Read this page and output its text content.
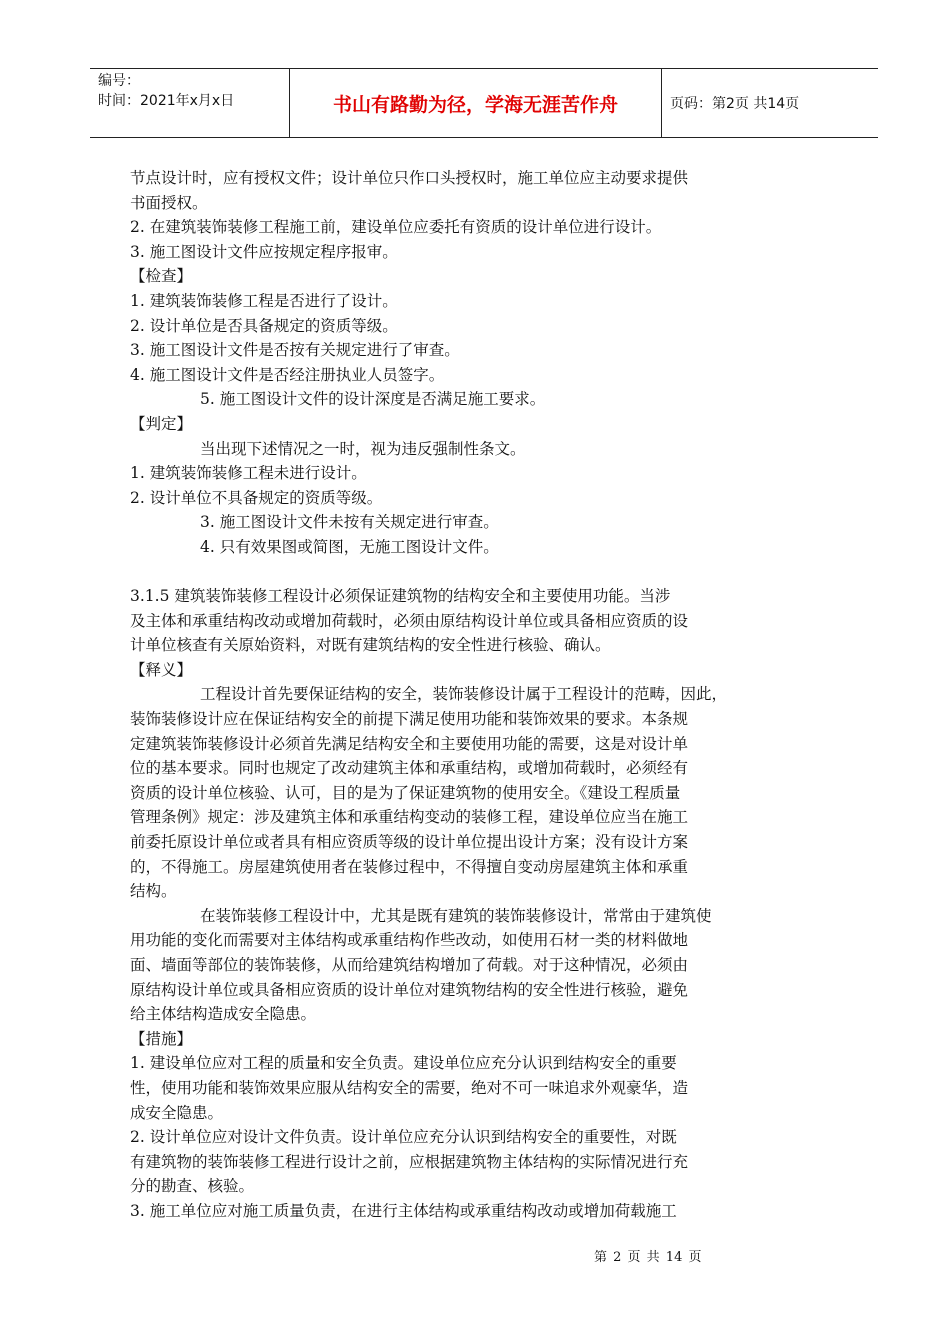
编号：
时间：2021年x月x日	书山有路勤为径，学海无涯苦作舟	页码：第2页 共14页
节点设计时，应有授权文件；设计单位只作口头授权时，施工单位应主动要求提供
书面授权。
2. 在建筑装饰装修工程施工前，建设单位应委托有资质的设计单位进行设计。
3. 施工图设计文件应按规定程序报审。
【检查】
1. 建筑装饰装修工程是否进行了设计。
2. 设计单位是否具备规定的资质等级。
3. 施工图设计文件是否按有关规定进行了审查。
4. 施工图设计文件是否经注册执业人员签字。
5. 施工图设计文件的设计深度是否满足施工要求。
【判定】
当出现下述情况之一时，视为违反强制性条文。
1. 建筑装饰装修工程未进行设计。
2. 设计单位不具备规定的资质等级。
3. 施工图设计文件未按有关规定进行审查。
4. 只有效果图或简图，无施工图设计文件。
3.1.5 建筑装饰装修工程设计必须保证建筑物的结构安全和主要使用功能。当涉
及主体和承重结构改动或增加荷载时，必须由原结构设计单位或具备相应资质的设
计单位核查有关原始资料，对既有建筑结构的安全性进行核验、确认。
【释义】
工程设计首先要保证结构的安全，装饰装修设计属于工程设计的范畴，因此，
装饰装修设计应在保证结构安全的前提下满足使用功能和装饰效果的要求。本条规
定建筑装饰装修设计必须首先满足结构安全和主要使用功能的需要，这是对设计单
位的基本要求。同时也规定了改动建筑主体和承重结构，或增加荷载时，必须经有
资质的设计单位核验、认可，目的是为了保证建筑物的使用安全。《建设工程质量
管理条例》规定：涉及建筑主体和承重结构变动的装修工程，建设单位应当在施工
前委托原设计单位或者具有相应资质等级的设计单位提出设计方案；没有设计方案
的，不得施工。房屋建筑使用者在装修过程中，不得擅自变动房屋建筑主体和承重
结构。
在装饰装修工程设计中，尤其是既有建筑的装饰装修设计，常常由于建筑使
用功能的变化而需要对主体结构或承重结构作些改动，如使用石材一类的材料做地
面、墙面等部位的装饰装修，从而给建筑结构增加了荷载。对于这种情况，必须由
原结构设计单位或具备相应资质的设计单位对建筑物结构的安全性进行核验，避免
给主体结构造成安全隐患。
【措施】
1. 建设单位应对工程的质量和安全负责。建设单位应充分认识到结构安全的重要
性，使用功能和装饰效果应服从结构安全的需要，绝对不可一味追求外观豪华，造
成安全隐患。
2. 设计单位应对设计文件负责。设计单位应充分认识到结构安全的重要性，对既
有建筑物的装饰装修工程进行设计之前，应根据建筑物主体结构的实际情况进行充
分的勘查、核验。
3. 施工单位应对施工质量负责，在进行主体结构或承重结构改动或增加荷载施工
第 2 页 共 14 页
